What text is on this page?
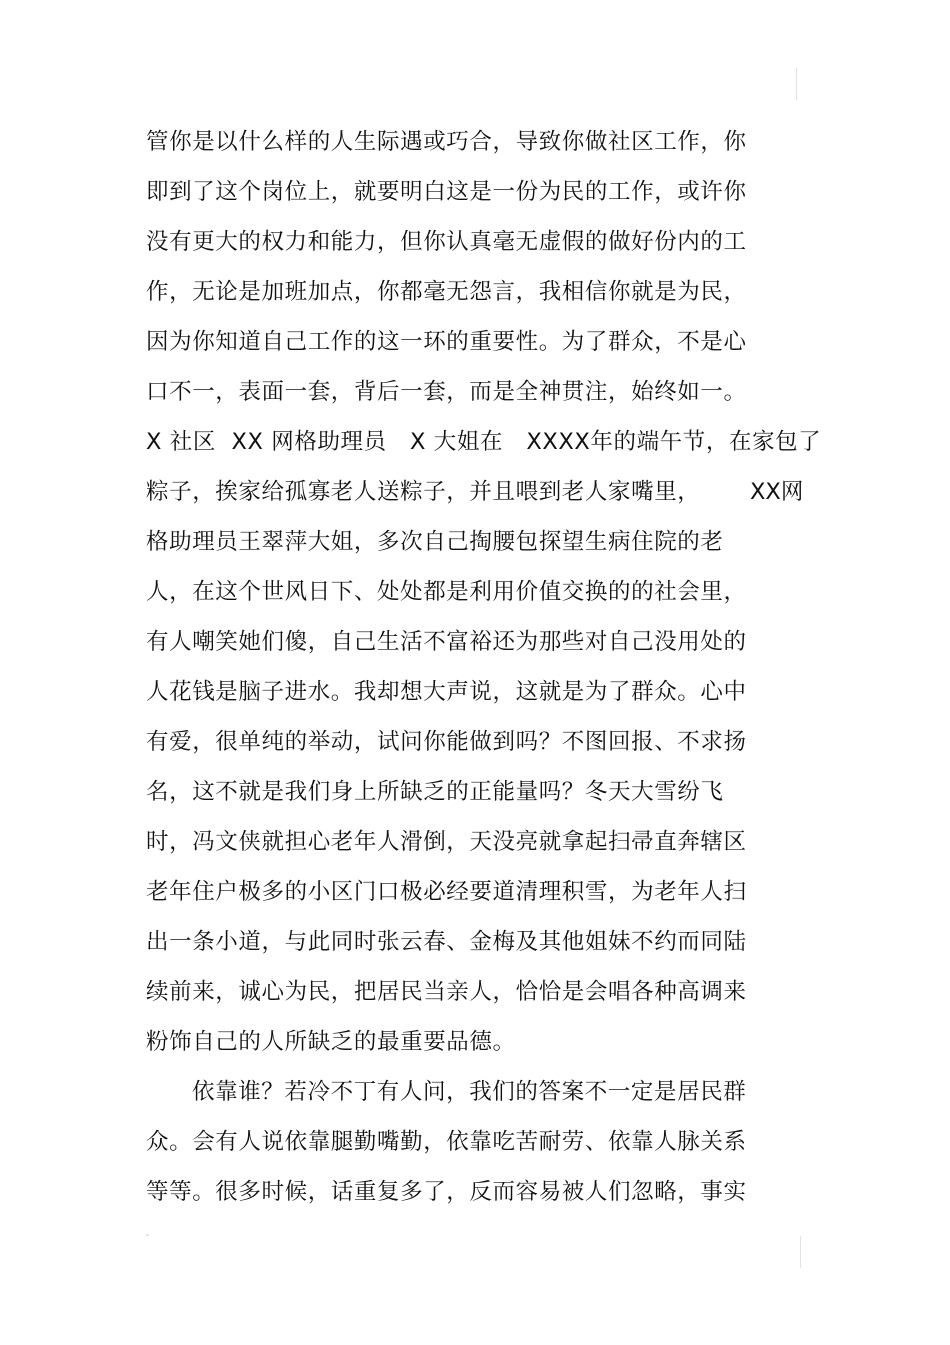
管你是以什么样的人生际遇或巧合，导致你做社区工作，你
即到了这个岗位上，就要明白这是一份为民的工作，或许你
没有更大的权力和能力，但你认真毫无虚假的做好份内的工
作，无论是加班加点，你都毫无怨言，我相信你就是为民，
因为你知道自己工作的这一环的重要性。为了群众，不是心
口不一，表面一套，背后一套，而是全神贯注，始终如一。
X 社区  XX 网格助理员   X 大姐在   XXXX年的端午节，在家包了
粽子，挨家给孤寡老人送粽子，并且喂到老人家嘴里， XX网
格助理员王翠萍大姐，多次自己掏腰包探望生病住院的老
人，在这个世风日下、处处都是利用价值交换的的社会里，
有人嘲笑她们傻，自己生活不富裕还为那些对自己没用处的
人花钱是脑子进水。我却想大声说，这就是为了群众。心中
有爱，很单纯的举动，试问你能做到吗？不图回报、不求扬
名，这不就是我们身上所缺乏的正能量吗？冬天大雪纷飞
时，冯文侠就担心老年人滑倒，天没亮就拿起扫帚直奔辖区
老年住户极多的小区门口极必经要道清理积雪，为老年人扫
出一条小道，与此同时张云春、金梅及其他姐妹不约而同陆
续前来，诚心为民，把居民当亲人，恰恰是会唱各种高调来
粉饰自己的人所缺乏的最重要品德。
依靠谁？若冷不丁有人问，我们的答案不一定是居民群
众。会有人说依靠腿勤嘴勤，依靠吃苦耐劳、依靠人脉关系
等等。很多时候，话重复多了，反而容易被人们忽略，事实
